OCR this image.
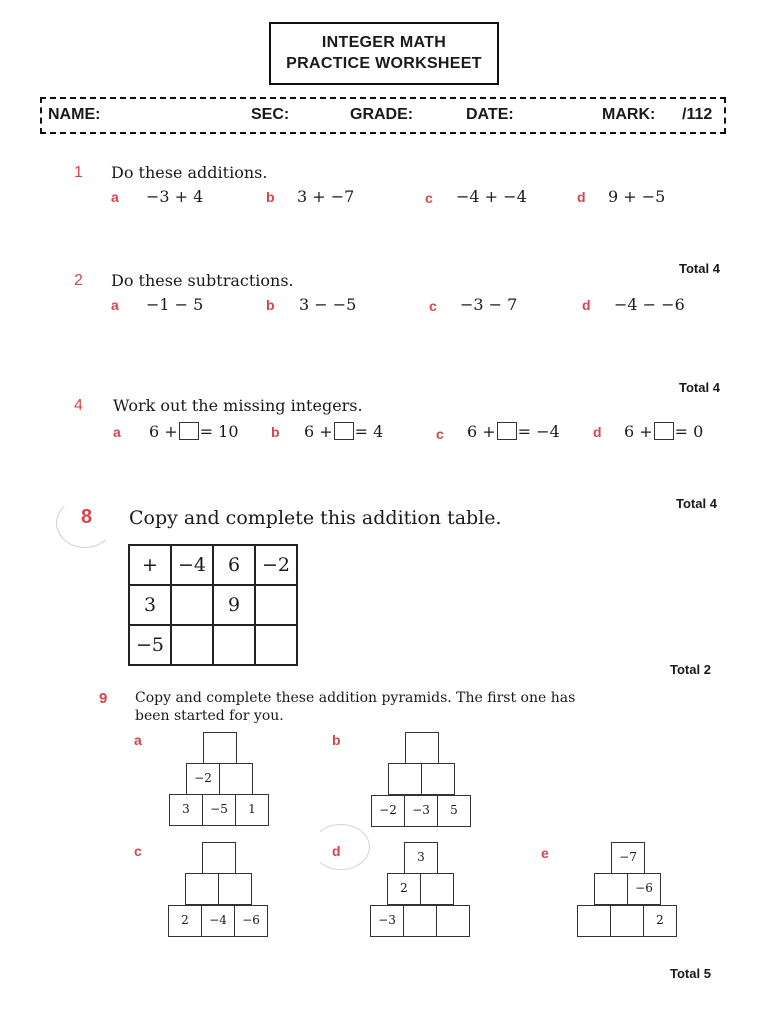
INTEGER MATH
PRACTICE WORKSHEET
NAME:	SEC:	GRADE:	DATE:	MARK: /112
1 Do these additions.
a −3 + 4	b 3 + −7	c −4 + −4	d 9 + −5
Total 4
2 Do these subtractions.
a −1 − 5	b 3 − −5	c −3 − 7	d −4 − −6
Total 4
4 Work out the missing integers.
a 6 + = 10 b 6 + = 4	c 6 + = −4 d 6 + = 0
Total 4
8 Copy and complete this addition table.
+	−4	6	−2
3		9	
−5			
Total 2
9 Copy and complete these addition pyramids. The first one has
been started for you.
a
−2
3	−5	1
b
−2	−3	5
c
2	−4	−6
d	3
2
−3
e	−7
−6
2
Total 5
